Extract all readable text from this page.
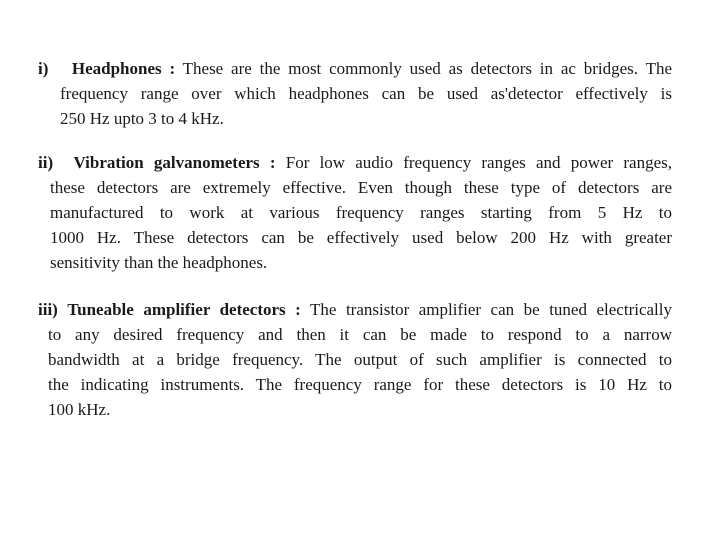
i) Headphones : These are the most commonly used as detectors in ac bridges. The
frequency range over which headphones can be used as'detector effectively is
250 Hz upto 3 to 4 kHz.
ii) Vibration galvanometers : For low audio frequency ranges and power ranges,
these detectors are extremely effective. Even though these type of detectors are
manufactured to work at various frequency ranges starting from 5 Hz to
1000 Hz. These detectors can be effectively used below 200 Hz with greater
sensitivity than the headphones.
iii) Tuneable amplifier detectors : The transistor amplifier can be tuned electrically
to any desired frequency and then it can be made to respond to a narrow
bandwidth at a bridge frequency. The output of such amplifier is connected to
the indicating instruments. The frequency range for these detectors is 10 Hz to
100 kHz.
